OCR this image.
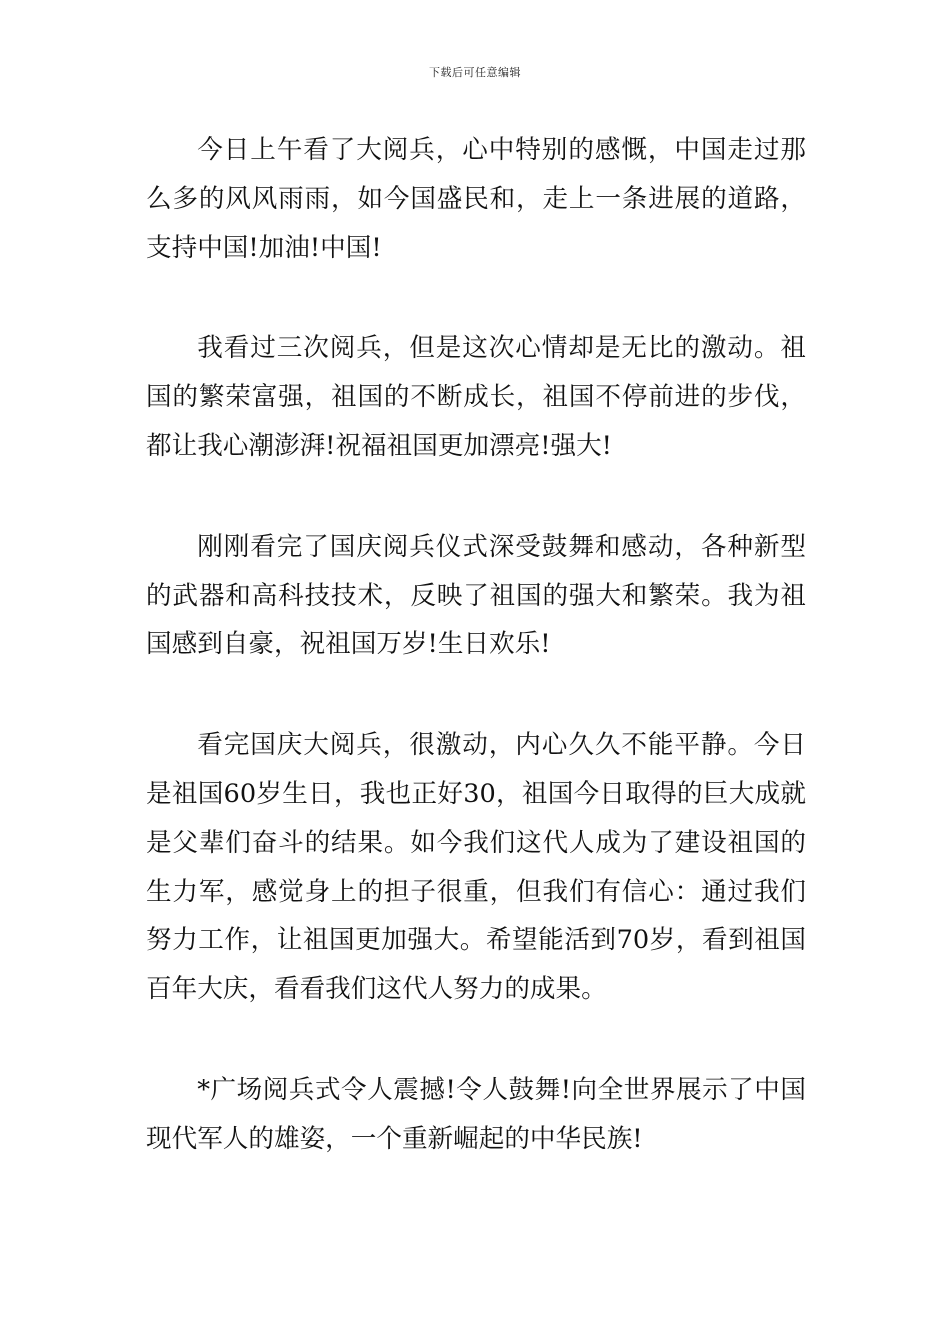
下载后可任意编辑

今日上午看了大阅兵，心中特别的感慨，中国走过那么多的风风雨雨，如今国盛民和，走上一条进展的道路，支持中国!加油!中国!

我看过三次阅兵，但是这次心情却是无比的激动。祖国的繁荣富强，祖国的不断成长，祖国不停前进的步伐，都让我心潮澎湃!祝福祖国更加漂亮!强大!

刚刚看完了国庆阅兵仪式深受鼓舞和感动，各种新型的武器和高科技技术，反映了祖国的强大和繁荣。我为祖国感到自豪，祝祖国万岁!生日欢乐!

看完国庆大阅兵，很激动，内心久久不能平静。今日是祖国60岁生日，我也正好30，祖国今日取得的巨大成就是父辈们奋斗的结果。如今我们这代人成为了建设祖国的生力军，感觉身上的担子很重，但我们有信心：通过我们努力工作，让祖国更加强大。希望能活到70岁，看到祖国百年大庆，看看我们这代人努力的成果。

*广场阅兵式令人震撼!令人鼓舞!向全世界展示了中国现代军人的雄姿，一个重新崛起的中华民族!
